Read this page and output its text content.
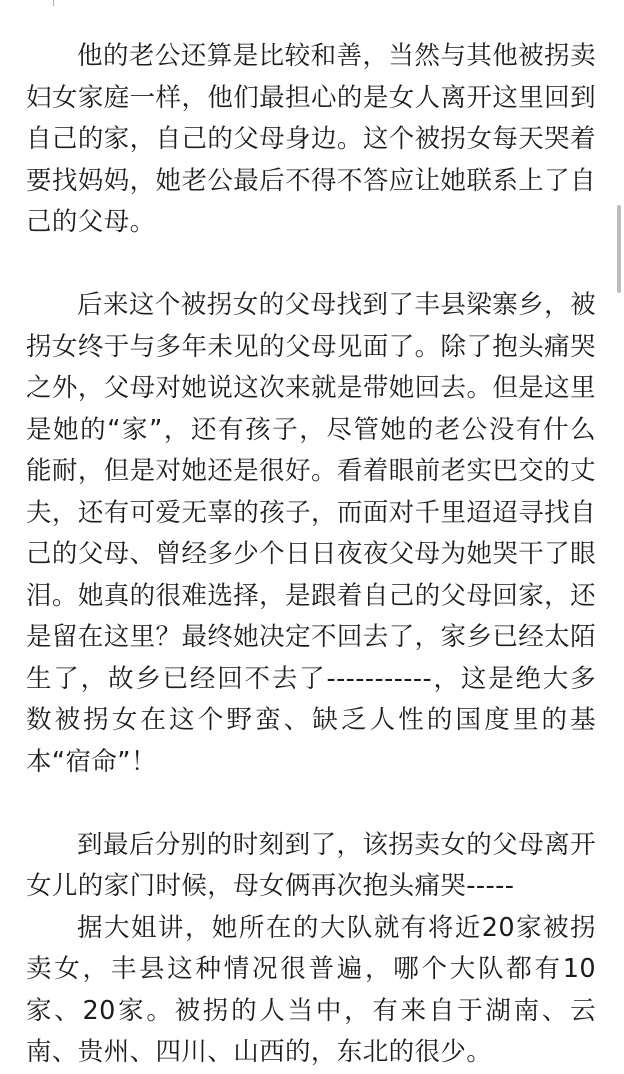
他的老公还算是比较和善，当然与其他被拐卖妇女家庭一样，他们最担心的是女人离开这里回到自己的家，自己的父母身边。这个被拐女每天哭着要找妈妈，她老公最后不得不答应让她联系上了自己的父母。

后来这个被拐女的父母找到了丰县梁寨乡，被拐女终于与多年未见的父母见面了。除了抱头痛哭之外，父母对她说这次来就是带她回去。但是这里是她的“家”，还有孩子，尽管她的老公没有什么能耐，但是对她还是很好。看着眼前老实巴交的丈夫，还有可爱无辜的孩子，而面对千里迢迢寻找自己的父母、曾经多少个日日夜夜父母为她哭干了眼泪。她真的很难选择，是跟着自己的父母回家，还是留在这里？最终她决定不回去了，家乡已经太陌生了，故乡已经回不去了-----------，这是绝大多数被拐女在这个野蛮、缺乏人性的国度里的基本“宿命”！

到最后分别的时刻到了，该拐卖女的父母离开女儿的家门时候，母女俩再次抱头痛哭-----

据大姐讲，她所在的大队就有将近20家被拐卖女，丰县这种情况很普遍，哪个大队都有10家、20家。被拐的人当中，有来自于湖南、云南、贵州、四川、山西的，东北的很少。
